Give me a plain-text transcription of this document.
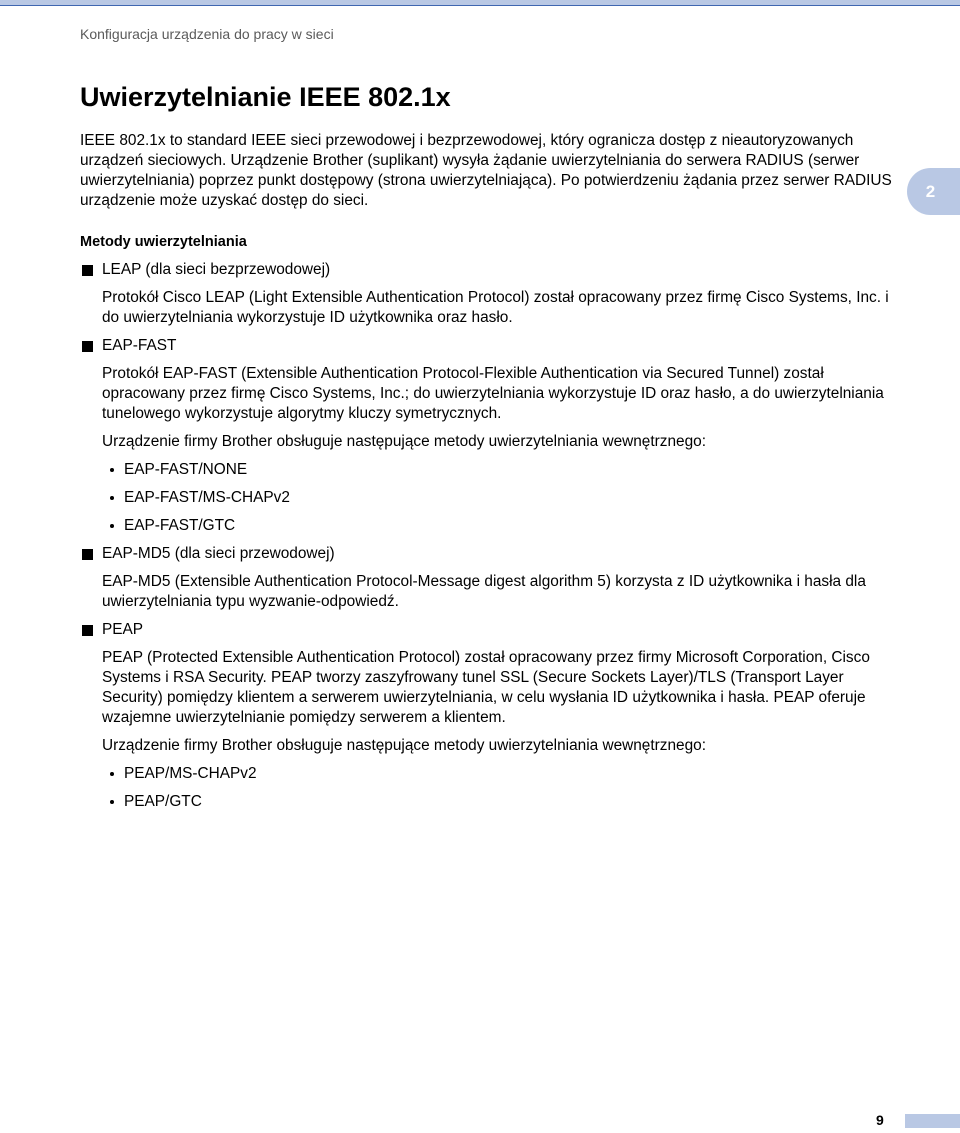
Konfiguracja urządzenia do pracy w sieci
Uwierzytelnianie IEEE 802.1x
2

IEEE 802.1x to standard IEEE sieci przewodowej i bezprzewodowej, który ogranicza dostęp z nieautoryzowanych urządzeń sieciowych. Urządzenie Brother (suplikant) wysyła żądanie uwierzytelniania do serwera RADIUS (serwer uwierzytelniania) poprzez punkt dostępowy (strona uwierzytelniająca). Po potwierdzeniu żądania przez serwer RADIUS urządzenie może uzyskać dostęp do sieci.

Metody uwierzytelniania

LEAP (dla sieci bezprzewodowej)

Protokół Cisco LEAP (Light Extensible Authentication Protocol) został opracowany przez firmę Cisco Systems, Inc. i do uwierzytelniania wykorzystuje ID użytkownika oraz hasło.

EAP-FAST

Protokół EAP-FAST (Extensible Authentication Protocol-Flexible Authentication via Secured Tunnel) został opracowany przez firmę Cisco Systems, Inc.; do uwierzytelniania wykorzystuje ID oraz hasło, a do uwierzytelniania tunelowego wykorzystuje algorytmy kluczy symetrycznych.

Urządzenie firmy Brother obsługuje następujące metody uwierzytelniania wewnętrznego:

EAP-FAST/NONE
EAP-FAST/MS-CHAPv2
EAP-FAST/GTC
EAP-MD5 (dla sieci przewodowej)

EAP-MD5 (Extensible Authentication Protocol-Message digest algorithm 5) korzysta z ID użytkownika i hasła dla uwierzytelniania typu wyzwanie-odpowiedź.

PEAP

PEAP (Protected Extensible Authentication Protocol) został opracowany przez firmy Microsoft Corporation, Cisco Systems i RSA Security. PEAP tworzy zaszyfrowany tunel SSL (Secure Sockets Layer)/TLS (Transport Layer Security) pomiędzy klientem a serwerem uwierzytelniania, w celu wysłania ID użytkownika i hasła. PEAP oferuje wzajemne uwierzytelnianie pomiędzy serwerem a klientem.

Urządzenie firmy Brother obsługuje następujące metody uwierzytelniania wewnętrznego:

PEAP/MS-CHAPv2
PEAP/GTC
9
